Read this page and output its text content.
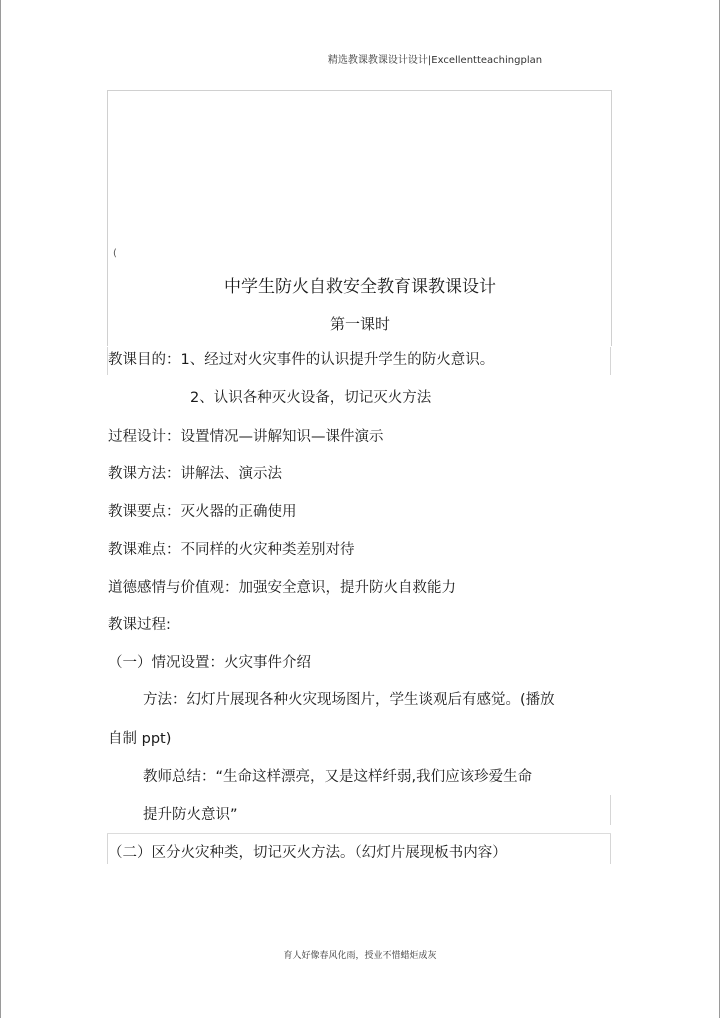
精选教课教课设计设计|Excellentteachingplan
(
中学生防火自救安全教育课教课设计
第一课时
教课目的：1、经过对火灾事件的认识提升学生的防火意识。
2、认识各种灭火设备，切记灭火方法
过程设计：设置情况—讲解知识—课件演示
教课方法：讲解法、演示法
教课要点：灭火器的正确使用
教课难点：不同样的火灾种类差别对待
道德感情与价值观：加强安全意识，提升防火自救能力
教课过程:
（一）情况设置：火灾事件介绍
方法：幻灯片展现各种火灾现场图片，学生谈观后有感觉。(播放
自制 ppt)
教师总结：“生命这样漂亮，又是这样纤弱,我们应该珍爱生命
提升防火意识”
（二）区分火灾种类，切记灭火方法。（幻灯片展现板书内容）
育人好像春风化雨，授业不惜蜡炬成灰
